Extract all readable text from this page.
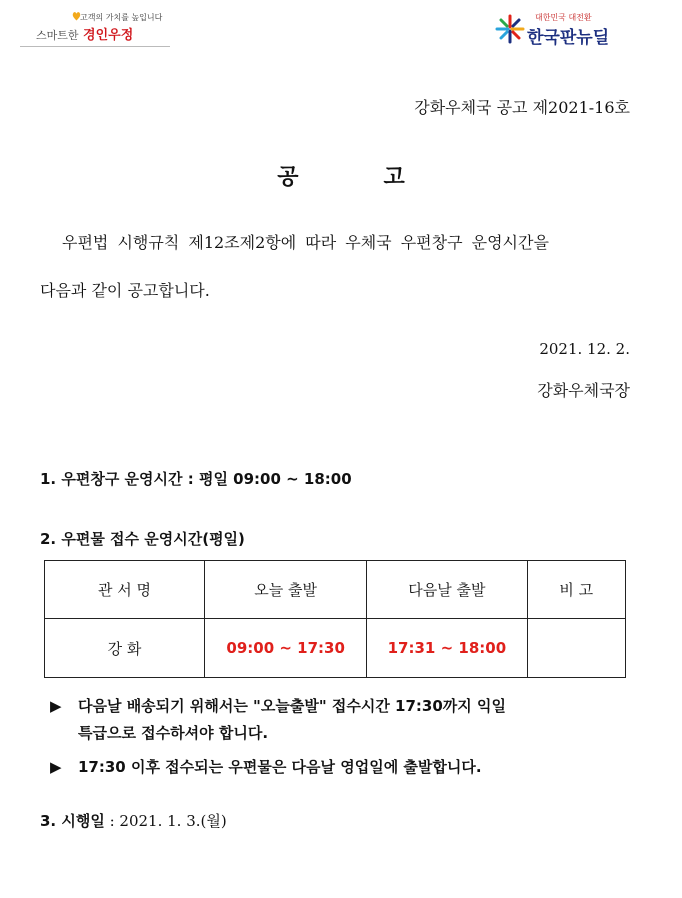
고객의 가치를 높입니다
스마트한 경인우정
대한민국 대전환
한국판뉴딜
강화우체국 공고 제2021-16호
공	고
우편법 시행규칙 제12조제2항에 따라 우체국 우편창구 운영시간을
다음과 같이 공고합니다.
2021. 12. 2.
강화우체국장
1. 우편창구 운영시간 : 평일 09:00 ~ 18:00
2. 우편물 접수 운영시간(평일)
관 서 명	오늘 출발	다음날 출발	비 고
강 화	09:00 ~ 17:30	17:31 ~ 18:00	
▶ 다음날 배송되기 위해서는 "오늘출발" 접수시간 17:30까지 익일
특급으로 접수하셔야 합니다.
▶ 17:30 이후 접수되는 우편물은 다음날 영업일에 출발합니다.
3. 시행일 : 2021. 1. 3.(월)
